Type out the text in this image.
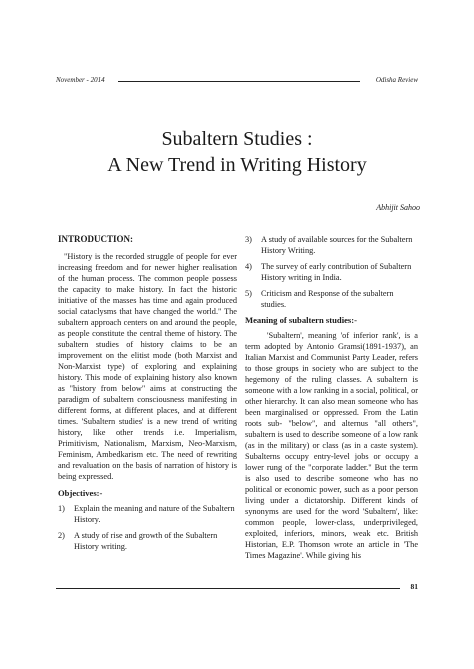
November - 2014	Odisha Review
Subaltern Studies :
A New Trend in Writing History
Abhijit Sahoo
INTRODUCTION:

"History is the recorded struggle of people for ever increasing freedom and for newer higher realisation of the human process. The common people possess the capacity to make history. In fact the historic initiative of the masses has time and again produced social cataclysms that have changed the world." The subaltern approach centers on and around the people, as people constitute the central theme of history. The subaltern studies of history claims to be an improvement on the elitist mode (both Marxist and Non-Marxist type) of exploring and explaining history. This mode of explaining history also known as "history from below" aims at constructing the paradigm of subaltern consciousness manifesting in different forms, at different places, and at different times. 'Subaltern studies' is a new trend of writing history, like other trends i.e. Imperialism, Primitivism, Nationalism, Marxism, Neo-Marxism, Feminism, Ambedkarism etc. The need of rewriting and revaluation on the basis of narration of history is being expressed.

Objectives:-
1)	Explain the meaning and nature of the Subaltern History.
2)	A study of rise and growth of the Subaltern History writing.
3)	A study of available sources for the Subaltern History Writing.
4)	The survey of early contribution of Subaltern History writing in India.
5)	Criticism and Response of the subaltern studies.
Meaning of subaltern studies:-

'Subaltern', meaning 'of inferior rank', is a term adopted by Antonio Gramsi(1891-1937), an Italian Marxist and Communist Party Leader, refers to those groups in society who are subject to the hegemony of the ruling classes. A subaltern is someone with a low ranking in a social, political, or other hierarchy. It can also mean someone who has been marginalised or oppressed. From the Latin roots sub- "below", and alternus "all others", subaltern is used to describe someone of a low rank (as in the military) or class (as in a caste system). Subalterns occupy entry-level jobs or occupy a lower rung of the "corporate ladder." But the term is also used to describe someone who has no political or economic power, such as a poor person living under a dictatorship. Different kinds of synonyms are used for the word 'Subaltern', like: common people, lower-class, underprivileged, exploited, inferiors, minors, weak etc. British Historian, E.P. Thomson wrote an article in 'The Times Magazine'. While giving his

81
